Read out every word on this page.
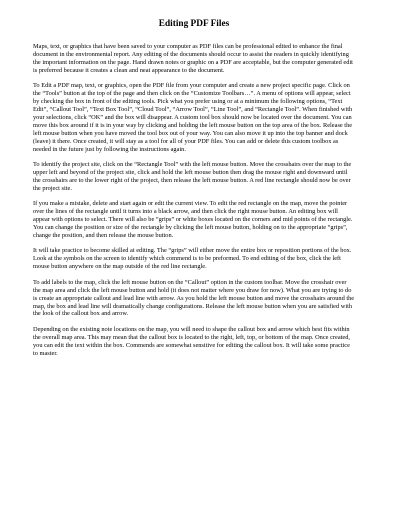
Editing PDF Files

Maps, text, or graphics that have been saved to your computer as PDF files can be professional edited to enhance the final document in the environmental report. Any editing of the documents should occur to assist the readers in quickly identifying the important information on the page. Hand drawn notes or graphic on a PDF are acceptable, but the computer generated edit is preferred because it creates a clean and neat appearance to the document.

To Edit a PDF map, text, or graphics, open the PDF file from your computer and create a new project specific page. Click on the “Tools” button at the top of the page and then click on the “Customize Toolbars…”. A menu of options will appear, select by checking the box in front of the editing tools. Pick what you prefer using or at a minimum the following options, “Text Edit”, “Callout Tool”, “Text Box Tool”, “Cloud Tool”, “Arrow Tool”, “Line Tool”, and “Rectangle Tool”. When finished with your selections, click “OK” and the box will disappear. A custom tool box should now be located over the document. You can move this box around if it is in your way by clicking and holding the left mouse button on the top area of the box. Release the left mouse button when you have moved the tool box out of your way. You can also move it up into the top banner and dock (leave) it there. Once created, it will stay as a tool for all of your PDF files. You can add or delete this custom toolbox as needed in the future just by following the instructions again.

To identify the project site, click on the “Rectangle Tool” with the left mouse button. Move the crosshairs over the map to the upper left and beyond of the project site, click and hold the left mouse button then drag the mouse right and downward until the crosshairs are to the lower right of the project, then release the left mouse button. A red line rectangle should now be over the project site.

If you make a mistake, delete and start again or edit the current view. To edit the red rectangle on the map, move the pointer over the lines of the rectangle until it turns into a black arrow, and then click the right mouse button. An editing box will appear with options to select. There will also be “grips” or white boxes located on the corners and mid points of the rectangle. You can change the position or size of the rectangle by clicking the left mouse button, holding on to the appropriate “grips”, change the position, and then release the mouse button.

It will take practice to become skilled at editing. The “grips” will either move the entire box or reposition portions of the box. Look at the symbols on the screen to identify which commend is to be preformed. To end editing of the box, click the left mouse button anywhere on the map outside of the red line rectangle.

To add labels to the map, click the left mouse button on the “Callout” option in the custom toolbar. Move the crosshair over the map area and click the left mouse button and hold (it does not matter where you draw for now). What you are trying to do is create an appropriate callout and lead line with arrow. As you hold the left mouse button and move the crosshairs around the map, the box and lead line will dramatically change configurations. Release the left mouse button when you are satisfied with the look of the callout box and arrow.

Depending on the existing note locations on the map, you will need to shape the callout box and arrow which best fits within the overall map area. This may mean that the callout box is located to the right, left, top, or bottom of the map. Once created, you can edit the text within the box. Commends are somewhat sensitive for editing the callout box. It will take some practice to master.
